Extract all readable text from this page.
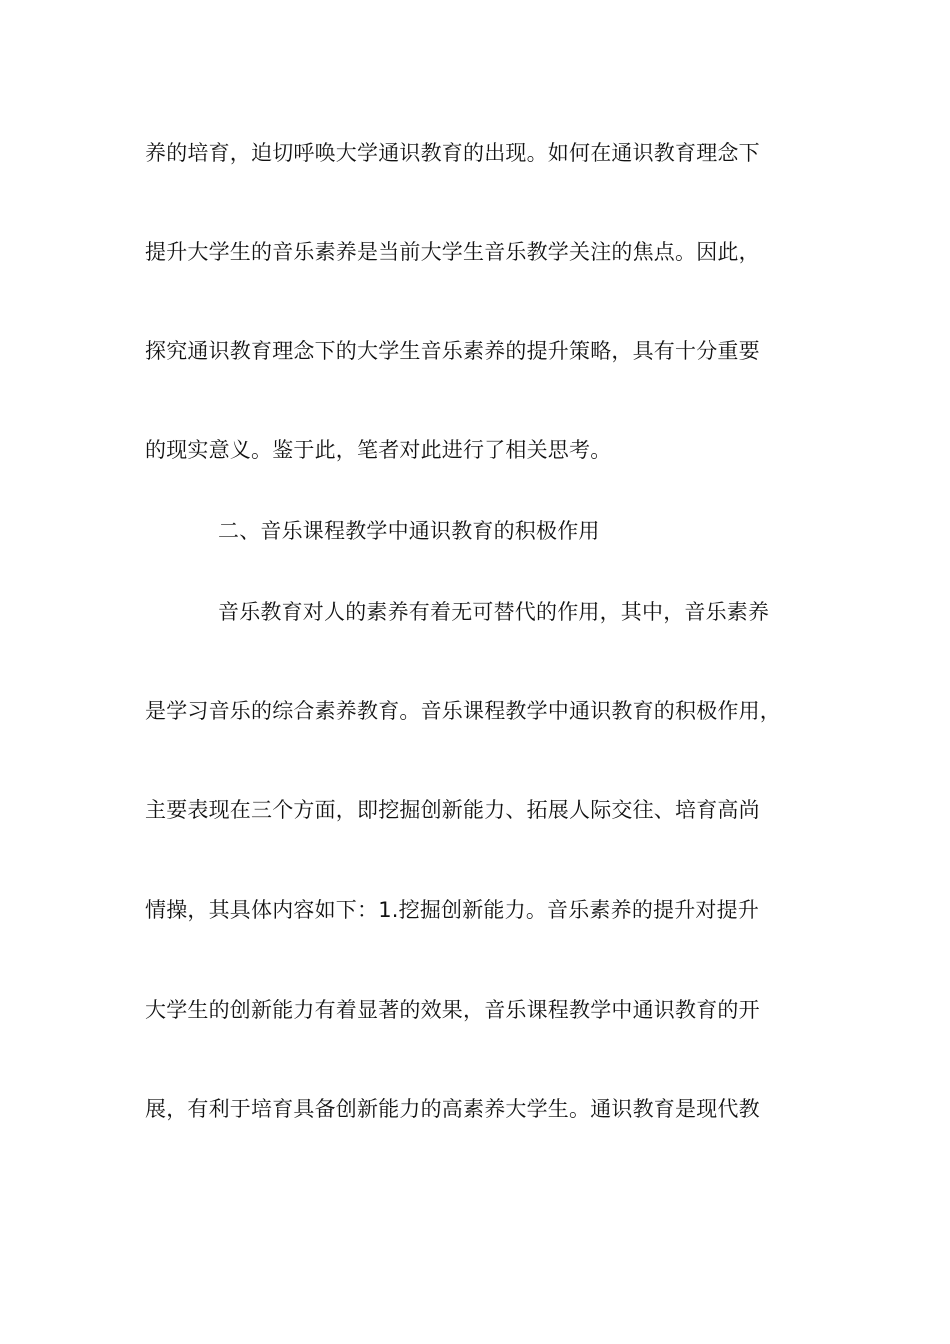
养的培育，迫切呼唤大学通识教育的出现。如何在通识教育理念下
提升大学生的音乐素养是当前大学生音乐教学关注的焦点。因此，
探究通识教育理念下的大学生音乐素养的提升策略，具有十分重要
的现实意义。鉴于此，笔者对此进行了相关思考。
二、音乐课程教学中通识教育的积极作用
音乐教育对人的素养有着无可替代的作用，其中，音乐素养
是学习音乐的综合素养教育。音乐课程教学中通识教育的积极作用，
主要表现在三个方面，即挖掘创新能力、拓展人际交往、培育高尚
情操，其具体内容如下：1.挖掘创新能力。音乐素养的提升对提升
大学生的创新能力有着显著的效果，音乐课程教学中通识教育的开
展，有利于培育具备创新能力的高素养大学生。通识教育是现代教
